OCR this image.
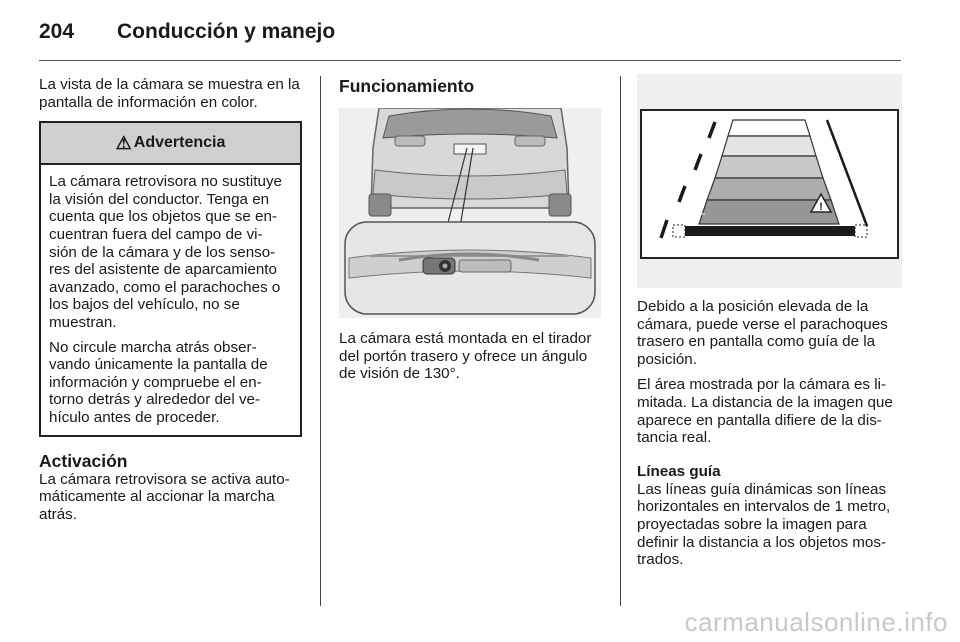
204 Conducción y manejo

La vista de la cámara se muestra en la pantalla de información en color.

⚠ Advertencia

La cámara retrovisora no sustituye la visión del conductor. Tenga en cuenta que los objetos que se en-cuentran fuera del campo de vi-sión de la cámara y de los senso-res del asistente de aparcamiento avanzado, como el parachoches o los bajos del vehículo, no se muestran.

No circule marcha atrás obser-vando únicamente la pantalla de información y compruebe el en-torno detrás y alrededor del ve-hículo antes de proceder.

Activación

La cámara retrovisora se activa auto-máticamente al accionar la marcha atrás.

Funcionamiento

La cámara está montada en el tirador del portón trasero y ofrece un ángulo de visión de 130°.

!

Debido a la posición elevada de la cámara, puede verse el parachoques trasero en pantalla como guía de la posición.

El área mostrada por la cámara es li-mitada. La distancia de la imagen que aparece en pantalla difiere de la dis-tancia real.

Líneas guía

Las líneas guía dinámicas son líneas horizontales en intervalos de 1 metro, proyectadas sobre la imagen para definir la distancia a los objetos mos-trados.

carmanualsonline.info
